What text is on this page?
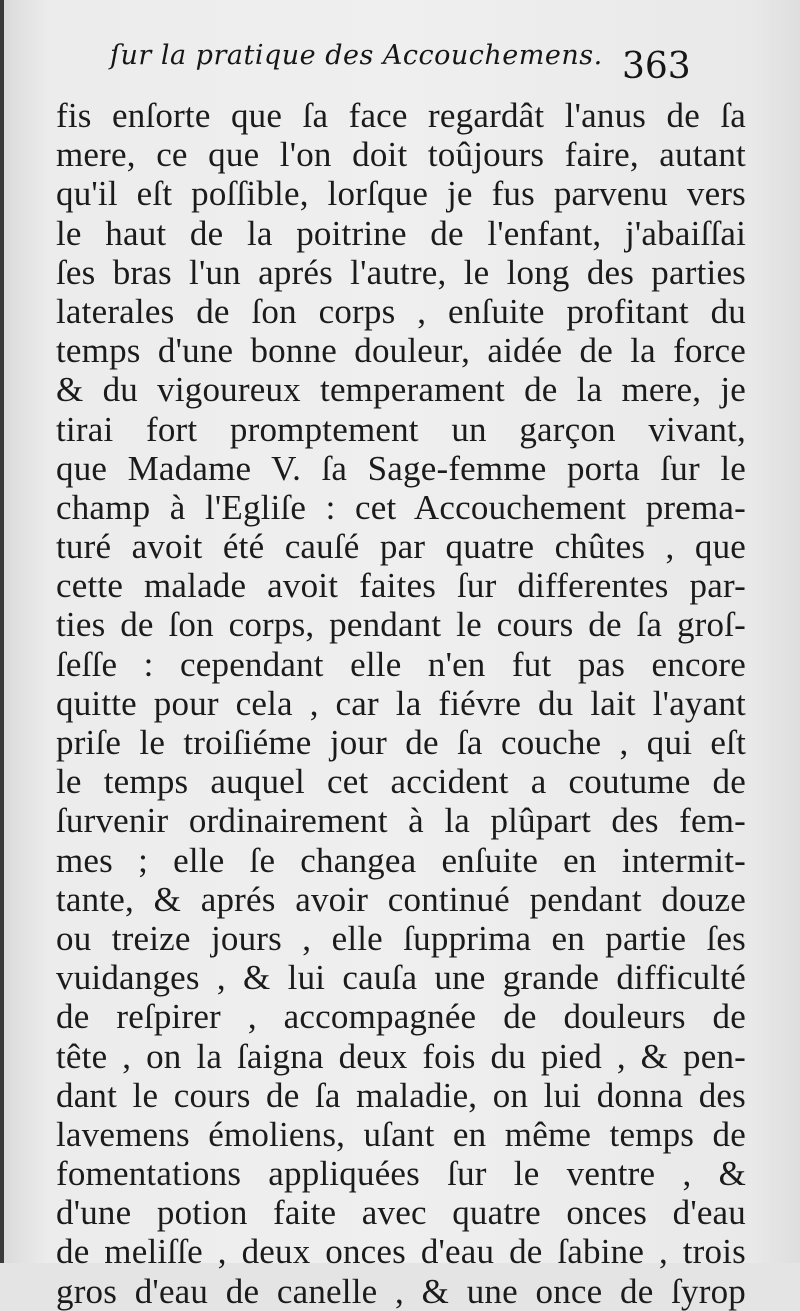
ſur la pratique des Accouchemens. 363
fis enſorte que ſa face regardât l'anus de ſa
mere, ce que l'on doit toûjours faire, autant
qu'il eſt poſſible, lorſque je fus parvenu vers
le haut de la poitrine de l'enfant, j'abaiſſai
ſes bras l'un aprés l'autre, le long des parties
laterales de ſon corps , enſuite profitant du
temps d'une bonne douleur, aidée de la force
& du vigoureux temperament de la mere, je
tirai fort promptement un garçon vivant,
que Madame V. ſa Sage-femme porta ſur le
champ à l'Egliſe : cet Accouchement prema-
turé avoit été cauſé par quatre chûtes , que
cette malade avoit faites ſur differentes par-
ties de ſon corps, pendant le cours de ſa groſ-
ſeſſe : cependant elle n'en fut pas encore
quitte pour cela , car la fiévre du lait l'ayant
priſe le troiſiéme jour de ſa couche , qui eſt
le temps auquel cet accident a coutume de
ſurvenir ordinairement à la plûpart des fem-
mes ; elle ſe changea enſuite en intermit-
tante, & aprés avoir continué pendant douze
ou treize jours , elle ſupprima en partie ſes
vuidanges , & lui cauſa une grande difficulté
de reſpirer , accompagnée de douleurs de
tête , on la ſaigna deux fois du pied , & pen-
dant le cours de ſa maladie, on lui donna des
lavemens émoliens, uſant en même temps de
fomentations appliquées ſur le ventre , &
d'une potion faite avec quatre onces d'eau
de meliſſe , deux onces d'eau de ſabine , trois
gros d'eau de canelle , & une once de ſyrop
